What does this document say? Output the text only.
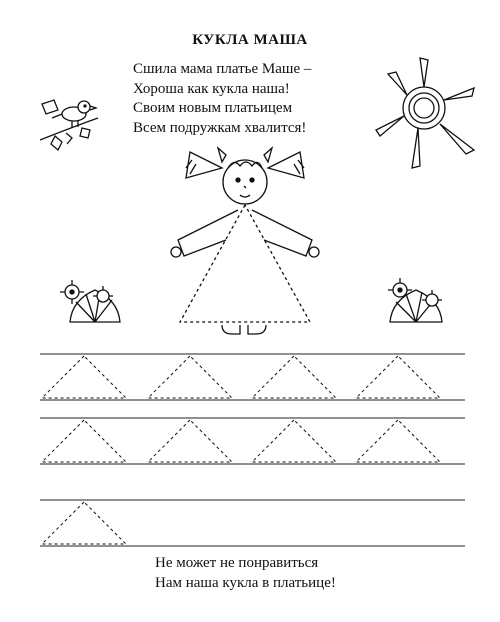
КУКЛА МАША
Сшила мама платье Маше –
Хороша как кукла наша!
Своим новым платьицем
Всем подружкам хвалится!
Не может не понравиться
Нам наша кукла в платьице!
